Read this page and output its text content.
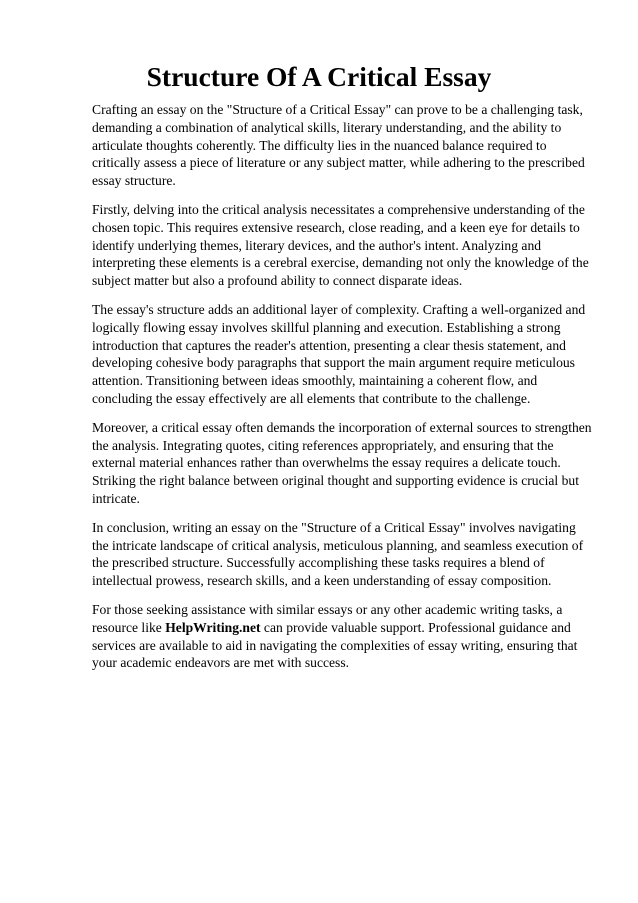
Structure Of A Critical Essay

Crafting an essay on the "Structure of a Critical Essay" can prove to be a challenging task, demanding a combination of analytical skills, literary understanding, and the ability to articulate thoughts coherently. The difficulty lies in the nuanced balance required to critically assess a piece of literature or any subject matter, while adhering to the prescribed essay structure.

Firstly, delving into the critical analysis necessitates a comprehensive understanding of the chosen topic. This requires extensive research, close reading, and a keen eye for details to identify underlying themes, literary devices, and the author's intent. Analyzing and interpreting these elements is a cerebral exercise, demanding not only the knowledge of the subject matter but also a profound ability to connect disparate ideas.

The essay's structure adds an additional layer of complexity. Crafting a well-organized and logically flowing essay involves skillful planning and execution. Establishing a strong introduction that captures the reader's attention, presenting a clear thesis statement, and developing cohesive body paragraphs that support the main argument require meticulous attention. Transitioning between ideas smoothly, maintaining a coherent flow, and concluding the essay effectively are all elements that contribute to the challenge.

Moreover, a critical essay often demands the incorporation of external sources to strengthen the analysis. Integrating quotes, citing references appropriately, and ensuring that the external material enhances rather than overwhelms the essay requires a delicate touch. Striking the right balance between original thought and supporting evidence is crucial but intricate.

In conclusion, writing an essay on the "Structure of a Critical Essay" involves navigating the intricate landscape of critical analysis, meticulous planning, and seamless execution of the prescribed structure. Successfully accomplishing these tasks requires a blend of intellectual prowess, research skills, and a keen understanding of essay composition.

For those seeking assistance with similar essays or any other academic writing tasks, a resource like HelpWriting.net can provide valuable support. Professional guidance and services are available to aid in navigating the complexities of essay writing, ensuring that your academic endeavors are met with success.
